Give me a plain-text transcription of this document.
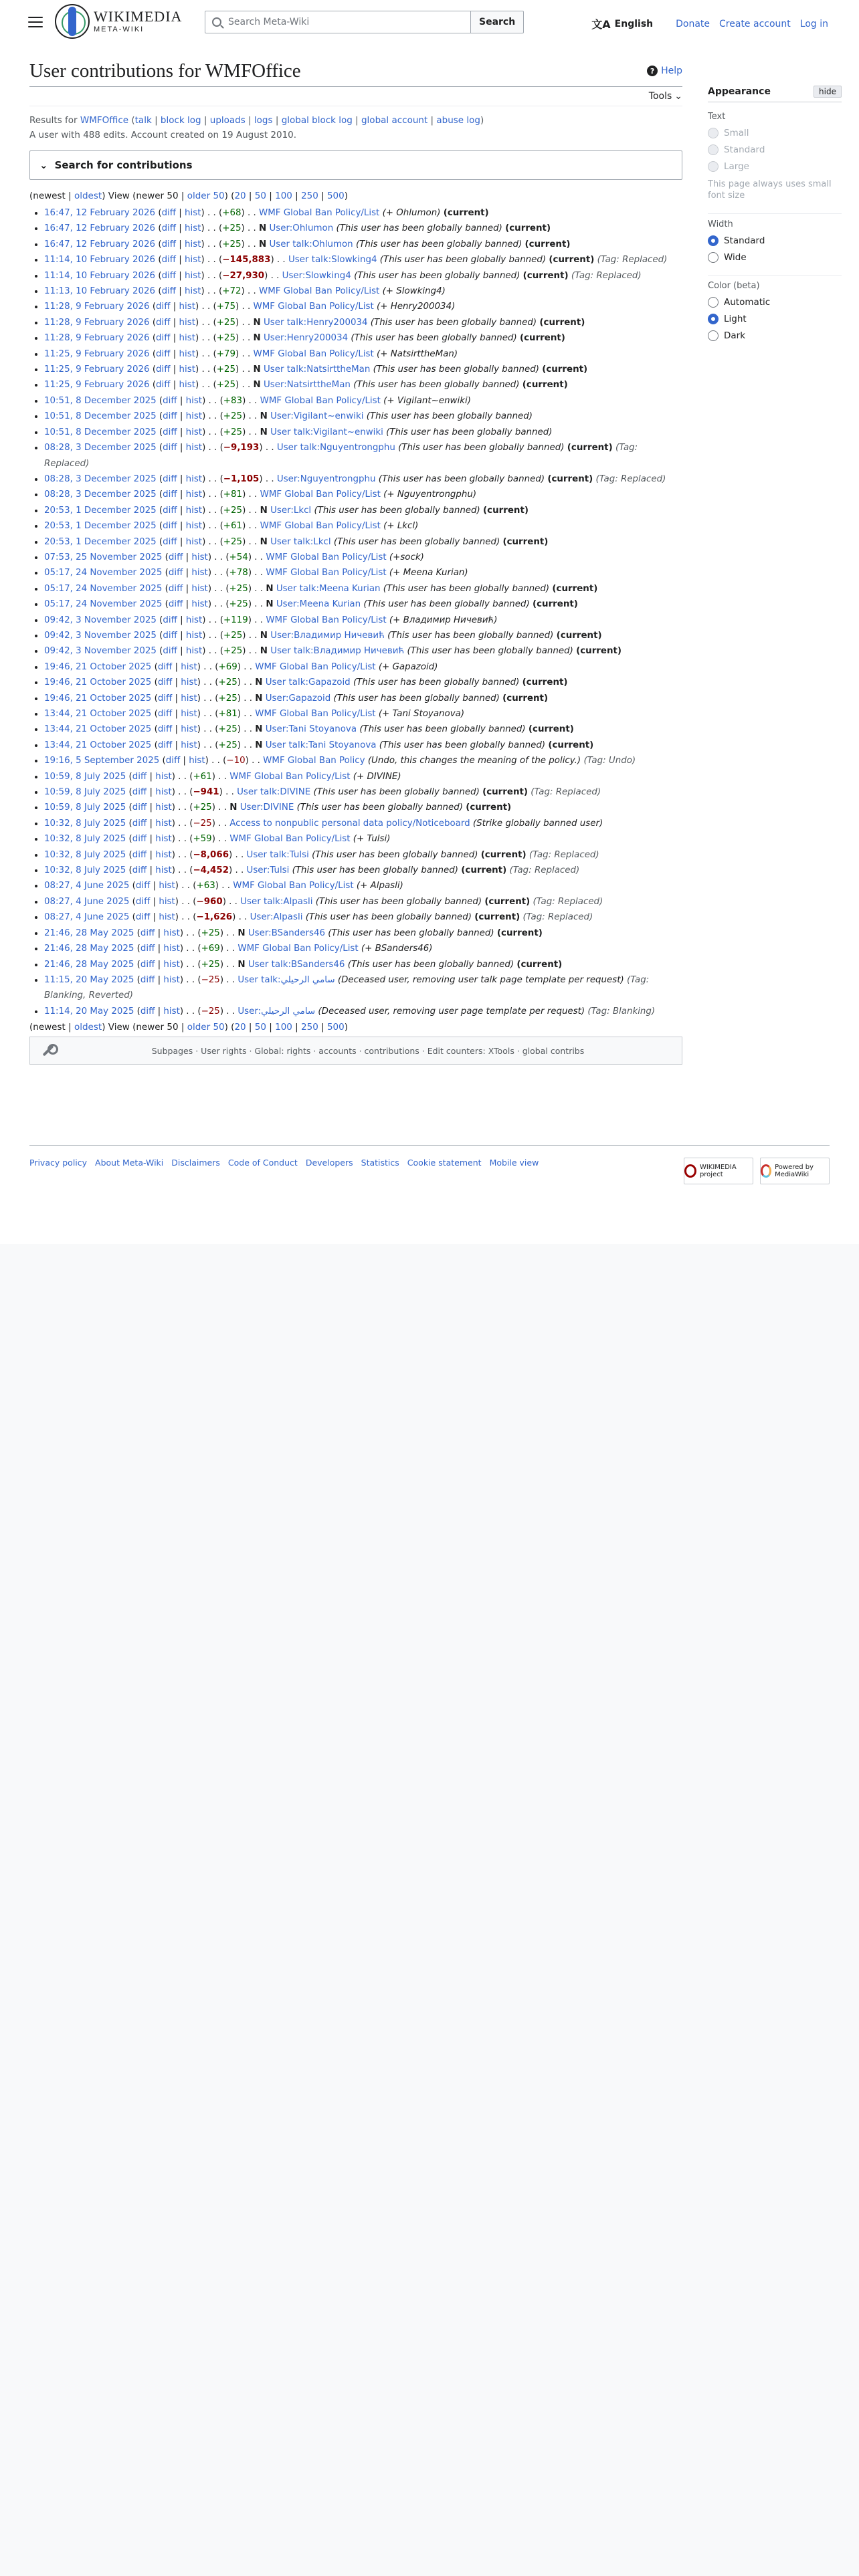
WIKIMEDIA
META-WIKI
Search Meta-Wiki	Search	文A English Donate Create account Log in
User contributions for WMFOffice	? Help
Tools ⌄
Results for WMFOffice (talk | block log | uploads | logs | global block log | global account | abuse log)
A user with 488 edits. Account created on 19 August 2010.
⌄ Search for contributions
(newest | oldest) View (newer 50 | older 50) (20 | 50 | 100 | 250 | 500)
• 16:47, 12 February 2026 (diff | hist) . . (+68) . . WMF Global Ban Policy/List (+ Ohlumon) (current)
• 16:47, 12 February 2026 (diff | hist) . . (+25) . . N User:Ohlumon (This user has been globally banned) (current)
• 16:47, 12 February 2026 (diff | hist) . . (+25) . . N User talk:Ohlumon (This user has been globally banned) (current)
• 11:14, 10 February 2026 (diff | hist) . . (−145,883) . . User talk:Slowking4 (This user has been globally banned) (current) (Tag: Replaced)
• 11:14, 10 February 2026 (diff | hist) . . (−27,930) . . User:Slowking4 (This user has been globally banned) (current) (Tag: Replaced)
• 11:13, 10 February 2026 (diff | hist) . . (+72) . . WMF Global Ban Policy/List (+ Slowking4)
• 11:28, 9 February 2026 (diff | hist) . . (+75) . . WMF Global Ban Policy/List (+ Henry200034)
• 11:28, 9 February 2026 (diff | hist) . . (+25) . . N User talk:Henry200034 (This user has been globally banned) (current)
• 11:28, 9 February 2026 (diff | hist) . . (+25) . . N User:Henry200034 (This user has been globally banned) (current)
• 11:25, 9 February 2026 (diff | hist) . . (+79) . . WMF Global Ban Policy/List (+ NatsirttheMan)
• 11:25, 9 February 2026 (diff | hist) . . (+25) . . N User talk:NatsirttheMan (This user has been globally banned) (current)
• 11:25, 9 February 2026 (diff | hist) . . (+25) . . N User:NatsirttheMan (This user has been globally banned) (current)
• 10:51, 8 December 2025 (diff | hist) . . (+83) . . WMF Global Ban Policy/List (+ Vigilant~enwiki)
• 10:51, 8 December 2025 (diff | hist) . . (+25) . . N User:Vigilant~enwiki (This user has been globally banned)
• 10:51, 8 December 2025 (diff | hist) . . (+25) . . N User talk:Vigilant~enwiki (This user has been globally banned)
• 08:28, 3 December 2025 (diff | hist) . . (−9,193) . . User talk:Nguyentrongphu (This user has been globally banned) (current) (Tag: Replaced)
• 08:28, 3 December 2025 (diff | hist) . . (−1,105) . . User:Nguyentrongphu (This user has been globally banned) (current) (Tag: Replaced)
• 08:28, 3 December 2025 (diff | hist) . . (+81) . . WMF Global Ban Policy/List (+ Nguyentrongphu)
• 20:53, 1 December 2025 (diff | hist) . . (+25) . . N User:Lkcl (This user has been globally banned) (current)
• 20:53, 1 December 2025 (diff | hist) . . (+61) . . WMF Global Ban Policy/List (+ Lkcl)
• 20:53, 1 December 2025 (diff | hist) . . (+25) . . N User talk:Lkcl (This user has been globally banned) (current)
• 07:53, 25 November 2025 (diff | hist) . . (+54) . . WMF Global Ban Policy/List (+sock)
• 05:17, 24 November 2025 (diff | hist) . . (+78) . . WMF Global Ban Policy/List (+ Meena Kurian)
• 05:17, 24 November 2025 (diff | hist) . . (+25) . . N User talk:Meena Kurian (This user has been globally banned) (current)
• 05:17, 24 November 2025 (diff | hist) . . (+25) . . N User:Meena Kurian (This user has been globally banned) (current)
• 09:42, 3 November 2025 (diff | hist) . . (+119) . . WMF Global Ban Policy/List (+ Владимир Ничевић)
• 09:42, 3 November 2025 (diff | hist) . . (+25) . . N User:Владимир Ничевић (This user has been globally banned) (current)
• 09:42, 3 November 2025 (diff | hist) . . (+25) . . N User talk:Владимир Ничевић (This user has been globally banned) (current)
• 19:46, 21 October 2025 (diff | hist) . . (+69) . . WMF Global Ban Policy/List (+ Gapazoid)
• 19:46, 21 October 2025 (diff | hist) . . (+25) . . N User talk:Gapazoid (This user has been globally banned) (current)
• 19:46, 21 October 2025 (diff | hist) . . (+25) . . N User:Gapazoid (This user has been globally banned) (current)
• 13:44, 21 October 2025 (diff | hist) . . (+81) . . WMF Global Ban Policy/List (+ Tani Stoyanova)
• 13:44, 21 October 2025 (diff | hist) . . (+25) . . N User:Tani Stoyanova (This user has been globally banned) (current)
• 13:44, 21 October 2025 (diff | hist) . . (+25) . . N User talk:Tani Stoyanova (This user has been globally banned) (current)
• 19:16, 5 September 2025 (diff | hist) . . (−10) . . WMF Global Ban Policy (Undo, this changes the meaning of the policy.) (Tag: Undo)
• 10:59, 8 July 2025 (diff | hist) . . (+61) . . WMF Global Ban Policy/List (+ DIVINE)
• 10:59, 8 July 2025 (diff | hist) . . (−941) . . User talk:DIVINE (This user has been globally banned) (current) (Tag: Replaced)
• 10:59, 8 July 2025 (diff | hist) . . (+25) . . N User:DIVINE (This user has been globally banned) (current)
• 10:32, 8 July 2025 (diff | hist) . . (−25) . . Access to nonpublic personal data policy/Noticeboard (Strike globally banned user)
• 10:32, 8 July 2025 (diff | hist) . . (+59) . . WMF Global Ban Policy/List (+ Tulsi)
• 10:32, 8 July 2025 (diff | hist) . . (−8,066) . . User talk:Tulsi (This user has been globally banned) (current) (Tag: Replaced)
• 10:32, 8 July 2025 (diff | hist) . . (−4,452) . . User:Tulsi (This user has been globally banned) (current) (Tag: Replaced)
• 08:27, 4 June 2025 (diff | hist) . . (+63) . . WMF Global Ban Policy/List (+ Alpasli)
• 08:27, 4 June 2025 (diff | hist) . . (−960) . . User talk:Alpasli (This user has been globally banned) (current) (Tag: Replaced)
• 08:27, 4 June 2025 (diff | hist) . . (−1,626) . . User:Alpasli (This user has been globally banned) (current) (Tag: Replaced)
• 21:46, 28 May 2025 (diff | hist) . . (+25) . . N User:BSanders46 (This user has been globally banned) (current)
• 21:46, 28 May 2025 (diff | hist) . . (+69) . . WMF Global Ban Policy/List (+ BSanders46)
• 21:46, 28 May 2025 (diff | hist) . . (+25) . . N User talk:BSanders46 (This user has been globally banned) (current)
• 11:15, 20 May 2025 (diff | hist) . . (−25) . . User talk:سامي الرحيلي (Deceased user, removing user talk page template per request) (Tag: Blanking, Reverted)
• 11:14, 20 May 2025 (diff | hist) . . (−25) . . User:سامي الرحيلي (Deceased user, removing user page template per request) (Tag: Blanking)
(newest | oldest) View (newer 50 | older 50) (20 | 50 | 100 | 250 | 500)
Subpages · User rights · Global: rights · accounts · contributions · Edit counters: XTools · global contribs
Appearance	hide
Text
Small
Standard
Large
This page always uses small font size
Width
Standard
Wide
Color (beta)
Automatic
Light
Dark
Privacy policy About Meta-Wiki Disclaimers Code of Conduct Developers Statistics Cookie statement Mobile view	WIKIMEDIA project
Powered by MediaWiki
